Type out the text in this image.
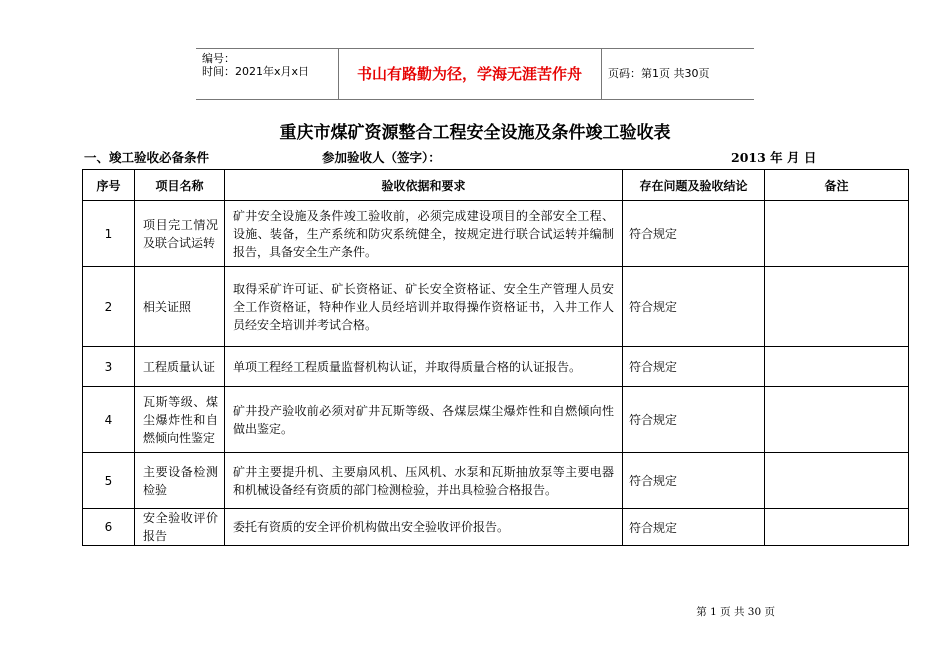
编号：
时间：2021年x月x日	书山有路勤为径，学海无涯苦作舟	页码：第1页 共30页
重庆市煤矿资源整合工程安全设施及条件竣工验收表
一、竣工验收必备条件	参加验收人（签字）：	2013 年 月 日
序号	项目名称	验收依据和要求	存在问题及验收结论	备注
1	项目完工情况及联合试运转	矿井安全设施及条件竣工验收前，必须完成建设项目的全部安全工程、设施、装备，生产系统和防灾系统健全，按规定进行联合试运转并编制报告，具备安全生产条件。	符合规定	
2	相关证照	取得采矿许可证、矿长资格证、矿长安全资格证、安全生产管理人员安全工作资格证，特种作业人员经培训并取得操作资格证书，入井工作人员经安全培训并考试合格。	符合规定	
3	工程质量认证	单项工程经工程质量监督机构认证，并取得质量合格的认证报告。	符合规定	
4	瓦斯等级、煤尘爆炸性和自燃倾向性鉴定	矿井投产验收前必须对矿井瓦斯等级、各煤层煤尘爆炸性和自燃倾向性做出鉴定。	符合规定	
5	主要设备检测检验	矿井主要提升机、主要扇风机、压风机、水泵和瓦斯抽放泵等主要电器和机械设备经有资质的部门检测检验，并出具检验合格报告。	符合规定	
6	安全验收评价报告	委托有资质的安全评价机构做出安全验收评价报告。	符合规定	
第 1 页 共 30 页
